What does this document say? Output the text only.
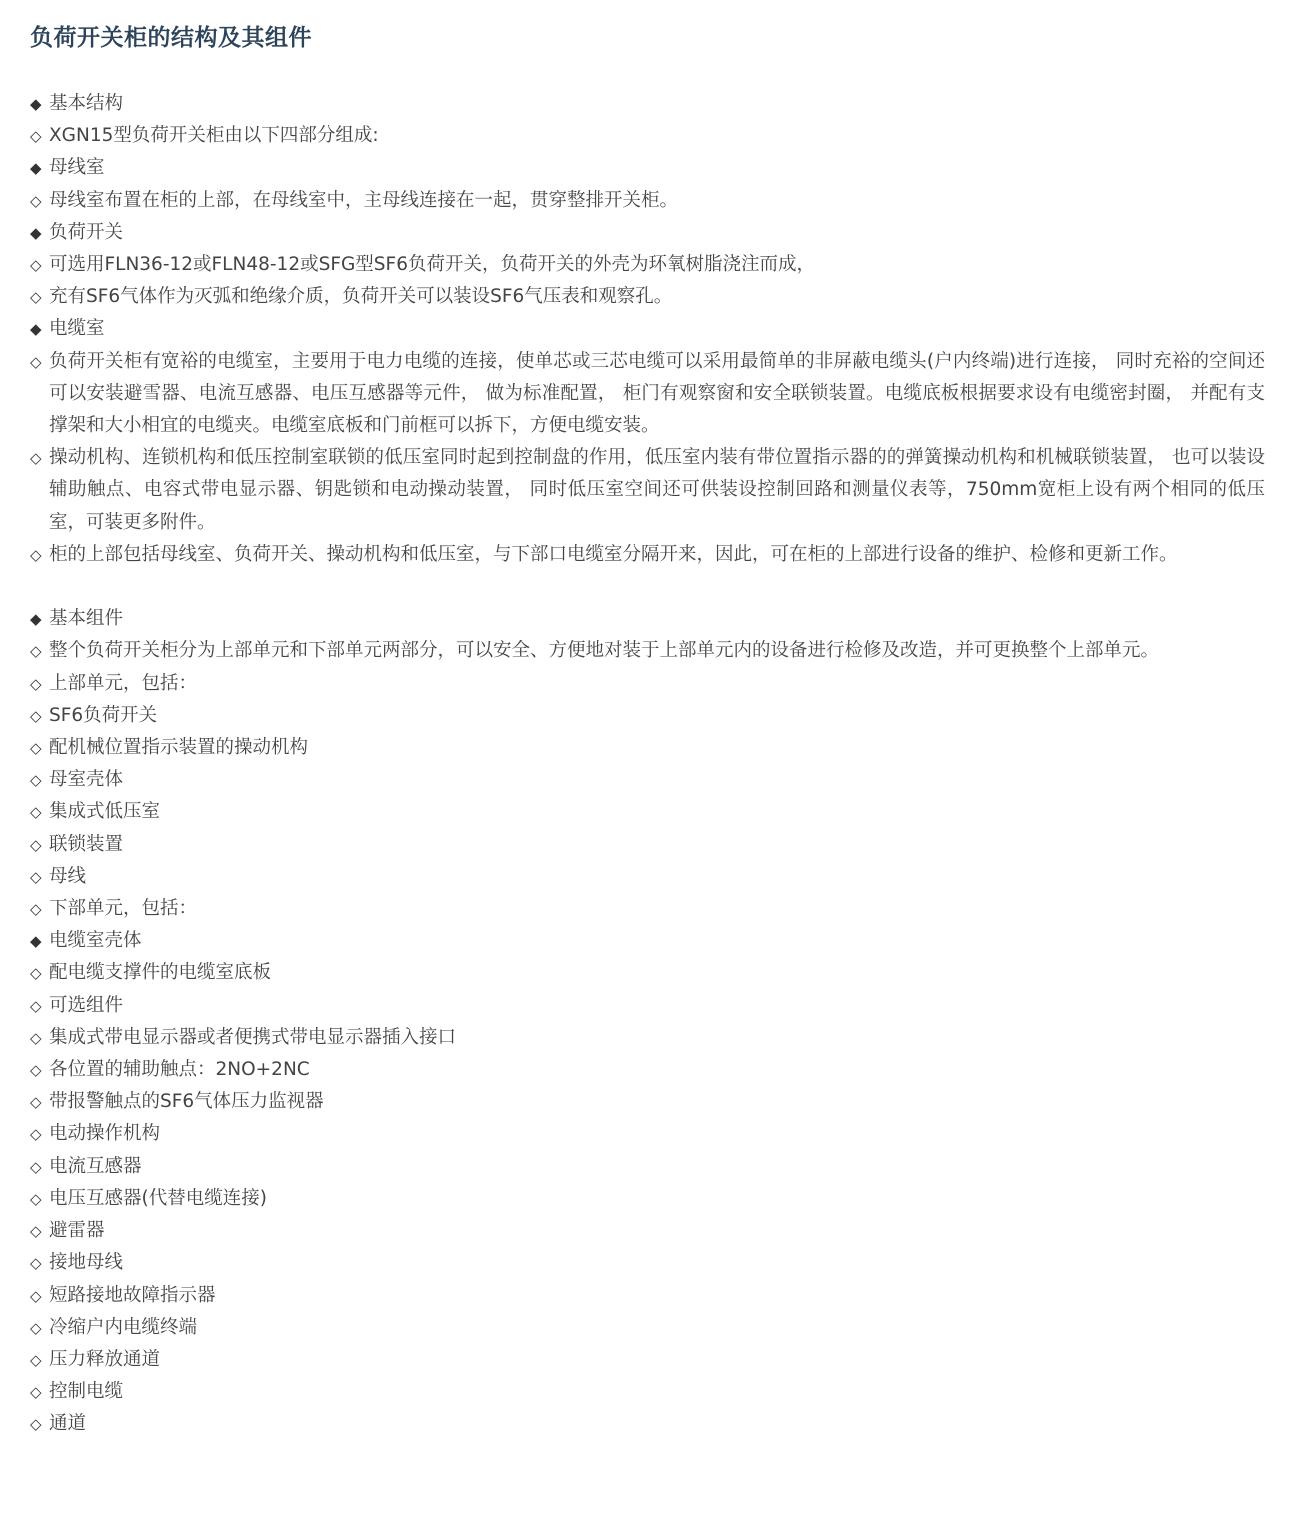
负荷开关柜的结构及其组件
◆ 基本结构
◇ XGN15型负荷开关柜由以下四部分组成:
◆ 母线室
◇ 母线室布置在柜的上部，在母线室中，主母线连接在一起，贯穿整排开关柜。
◆ 负荷开关
◇ 可选用FLN36-12或FLN48-12或SFG型SF6负荷开关，负荷开关的外壳为环氧树脂浇注而成，
◇ 充有SF6气体作为灭弧和绝缘介质，负荷开关可以装设SF6气压表和观察孔。
◆ 电缆室
◇ 负荷开关柜有宽裕的电缆室，主要用于电力电缆的连接，使单芯或三芯电缆可以采用最简单的非屏蔽电缆头(户内终端)进行连接， 同时充裕的空间还可以安装避雪器、电流互感器、电压互感器等元件， 做为标准配置， 柜门有观察窗和安全联锁装置。电缆底板根据要求设有电缆密封圈， 并配有支撑架和大小相宜的电缆夹。电缆室底板和门前框可以拆下，方便电缆安装。
◇ 操动机构、连锁机构和低压控制室联锁的低压室同时起到控制盘的作用，低压室内装有带位置指示器的的弹簧操动机构和机械联锁装置， 也可以装设辅助触点、电容式带电显示器、钥匙锁和电动操动装置， 同时低压室空间还可供装设控制回路和测量仪表等，750mm宽柜上设有两个相同的低压室，可装更多附件。
◇ 柜的上部包括母线室、负荷开关、操动机构和低压室，与下部口电缆室分隔开来，因此，可在柜的上部进行设备的维护、检修和更新工作。
◆ 基本组件
◇ 整个负荷开关柜分为上部单元和下部单元两部分，可以安全、方便地对装于上部单元内的设备进行检修及改造，并可更换整个上部单元。
◇ 上部单元，包括：
◇ SF6负荷开关
◇ 配机械位置指示装置的操动机构
◇ 母室壳体
◇ 集成式低压室
◇ 联锁装置
◇ 母线
◇ 下部单元，包括：
◆ 电缆室壳体
◇ 配电缆支撑件的电缆室底板
◇ 可选组件
◇ 集成式带电显示器或者便携式带电显示器插入接口
◇ 各位置的辅助触点：2NO+2NC
◇ 带报警触点的SF6气体压力监视器
◇ 电动操作机构
◇ 电流互感器
◇ 电压互感器(代替电缆连接)
◇ 避雷器
◇ 接地母线
◇ 短路接地故障指示器
◇ 冷缩户内电缆终端
◇ 压力释放通道
◇ 控制电缆
◇ 通道
